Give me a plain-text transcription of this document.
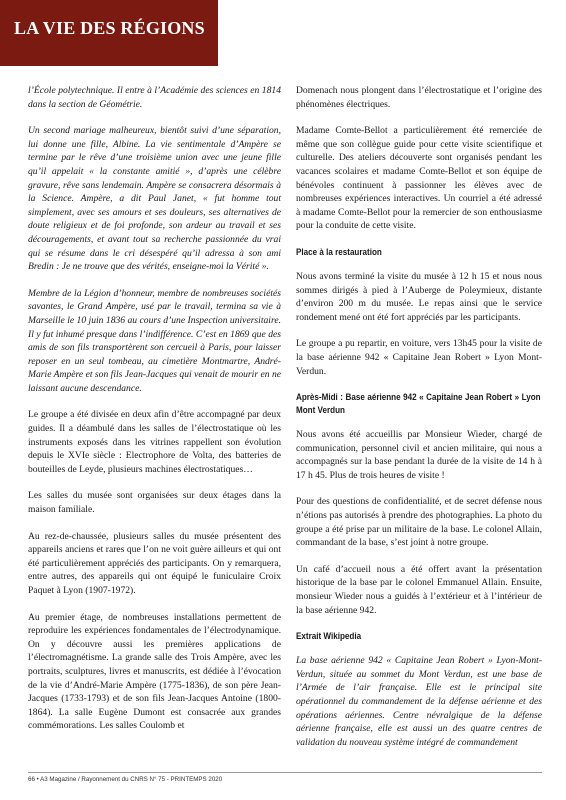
LA VIE DES RÉGIONS

l’École polytechnique. Il entre à l’Académie des sciences en 1814 dans la section de Géométrie.

Un second mariage malheureux, bientôt suivi d’une séparation, lui donne une fille, Albine. La vie sentimentale d’Ampère se termine par le rêve d’une troisième union avec une jeune fille qu’il appelait « la constante amitié », d’après une célèbre gravure, rêve sans lendemain. Ampère se consacrera désormais à la Science. Ampère, a dit Paul Janet, « fut homme tout simplement, avec ses amours et ses douleurs, ses alternatives de doute religieux et de foi profonde, son ardeur au travail et ses découragements, et avant tout sa recherche passionnée du vrai qui se résume dans le cri désespéré qu’il adressa à son ami Bredin : Je ne trouve que des vérités, enseigne-moi la Vérité ».

Membre de la Légion d’honneur, membre de nombreuses sociétés savantes, le Grand Ampère, usé par le travail, termina sa vie à Marseille le 10 juin 1836 au cours d’une Inspection universitaire. Il y fut inhumé presque dans l’indifférence. C’est en 1869 que des amis de son fils transportèrent son cercueil à Paris, pour laisser reposer en un seul tombeau, au cimetière Montmartre, André-Marie Ampère et son fils Jean-Jacques qui venait de mourir en ne laissant aucune descendance.

Le groupe a été divisée en deux afin d’être accompagné par deux guides. Il a déambulé dans les salles de l’électrostatique où les instruments exposés dans les vitrines rappellent son évolution depuis le XVIe siècle : Electrophore de Volta, des batteries de bouteilles de Leyde, plusieurs machines électrostatiques…

Les salles du musée sont organisées sur deux étages dans la maison familiale.

Au rez-de-chaussée, plusieurs salles du musée présentent des appareils anciens et rares que l’on ne voit guère ailleurs et qui ont été particulièrement appréciés des participants. On y remarquera, entre autres, des appareils qui ont équipé le funiculaire Croix Paquet à Lyon (1907-1972).

Au premier étage, de nombreuses installations permettent de reproduire les expériences fondamentales de l’électrodynamique. On y découvre aussi les premières applications de l’électromagnétisme. La grande salle des Trois Ampère, avec les portraits, sculptures, livres et manuscrits, est dédiée à l’évocation de la vie d’André-Marie Ampère (1775-1836), de son père Jean-Jacques (1733-1793) et de son fils Jean-Jacques Antoine (1800-1864). La salle Eugène Dumont est consacrée aux grandes commémorations. Les salles Coulomb et

Domenach nous plongent dans l’électrostatique et l’origine des phénomènes électriques.

Madame Comte-Bellot a particulièrement été remerciée de même que son collègue guide pour cette visite scientifique et culturelle. Des ateliers découverte sont organisés pendant les vacances scolaires et madame Comte-Bellot et son équipe de bénévoles continuent à passionner les élèves avec de nombreuses expériences interactives. Un courriel a été adressé à madame Comte-Bellot pour la remercier de son enthousiasme pour la conduite de cette visite.

Place à la restauration

Nous avons terminé la visite du musée à 12 h 15 et nous nous sommes dirigés à pied à l’Auberge de Poleymieux, distante d’environ 200 m du musée. Le repas ainsi que le service rondement mené ont été fort appréciés par les participants.

Le groupe a pu repartir, en voiture, vers 13h45 pour la visite de la base aérienne 942 « Capitaine Jean Robert » Lyon Mont-Verdun.

Après-Midi : Base aérienne 942 « Capitaine Jean Robert » Lyon Mont Verdun

Nous avons été accueillis par Monsieur Wieder, chargé de communication, personnel civil et ancien militaire, qui nous a accompagnés sur la base pendant la durée de la visite de 14 h à 17 h 45. Plus de trois heures de visite !

Pour des questions de confidentialité, et de secret défense nous n’étions pas autorisés à prendre des photographies. La photo du groupe a été prise par un militaire de la base. Le colonel Allain, commandant de la base, s’est joint à notre groupe.

Un café d’accueil nous a été offert avant la présentation historique de la base par le colonel Emmanuel Allain. Ensuite, monsieur Wieder nous a guidés à l’extérieur et à l’intérieur de la base aérienne 942.

Extrait Wikipedia

La base aérienne 942 « Capitaine Jean Robert » Lyon-Mont-Verdun, située au sommet du Mont Verdun, est une base de l’Armée de l’air française. Elle est le principal site opérationnel du commandement de la défense aérienne et des opérations aériennes. Centre névralgique de la défense aérienne française, elle est aussi un des quatre centres de validation du nouveau système intégré de commandement

66 • A3 Magazine / Rayonnement du CNRS N° 75 - PRINTEMPS 2020
